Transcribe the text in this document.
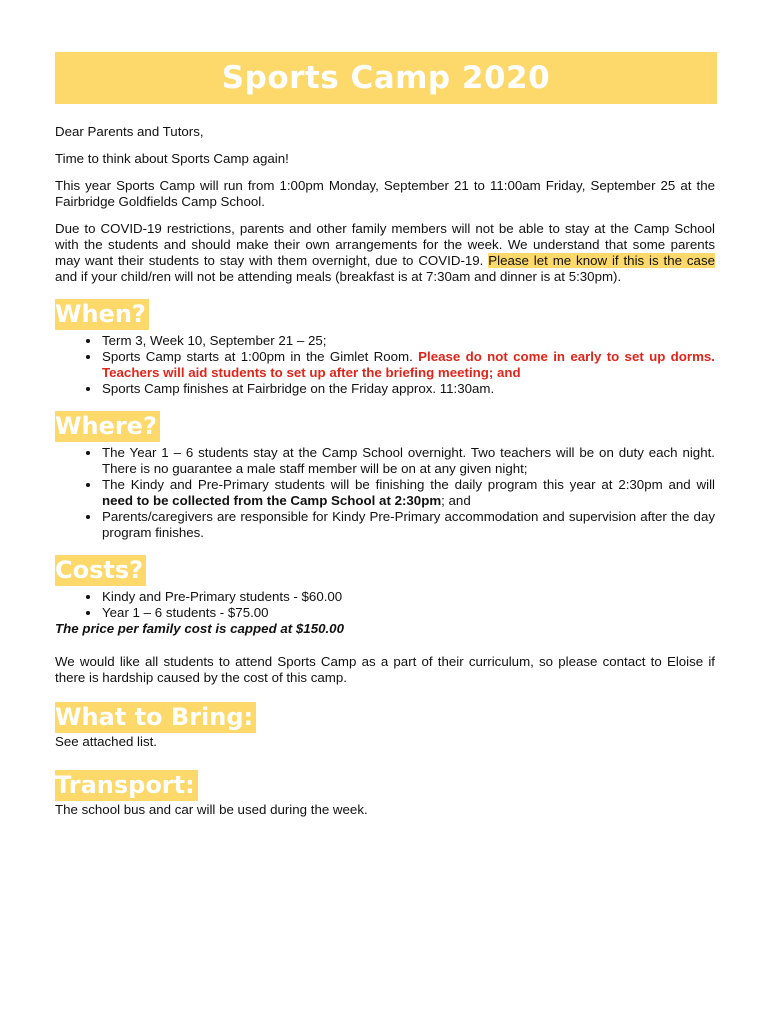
Sports Camp 2020

Dear Parents and Tutors,

Time to think about Sports Camp again!

This year Sports Camp will run from 1:00pm Monday, September 21 to 11:00am Friday, September 25 at the Fairbridge Goldfields Camp School.

Due to COVID-19 restrictions, parents and other family members will not be able to stay at the Camp School with the students and should make their own arrangements for the week. We understand that some parents may want their students to stay with them overnight, due to COVID-19. Please let me know if this is the case and if your child/ren will not be attending meals (breakfast is at 7:30am and dinner is at 5:30pm).

When?
• Term 3, Week 10, September 21 – 25;
• Sports Camp starts at 1:00pm in the Gimlet Room. Please do not come in early to set up dorms. Teachers will aid students to set up after the briefing meeting; and
• Sports Camp finishes at Fairbridge on the Friday approx. 11:30am.
Where?
• The Year 1 – 6 students stay at the Camp School overnight. Two teachers will be on duty each night. There is no guarantee a male staff member will be on at any given night;
• The Kindy and Pre-Primary students will be finishing the daily program this year at 2:30pm and will need to be collected from the Camp School at 2:30pm; and
• Parents/caregivers are responsible for Kindy Pre-Primary accommodation and supervision after the day program finishes.
Costs?
• Kindy and Pre-Primary students - $60.00
• Year 1 – 6 students - $75.00

The price per family cost is capped at $150.00

We would like all students to attend Sports Camp as a part of their curriculum, so please contact to Eloise if there is hardship caused by the cost of this camp.

What to Bring:

See attached list.

Transport:

The school bus and car will be used during the week.
